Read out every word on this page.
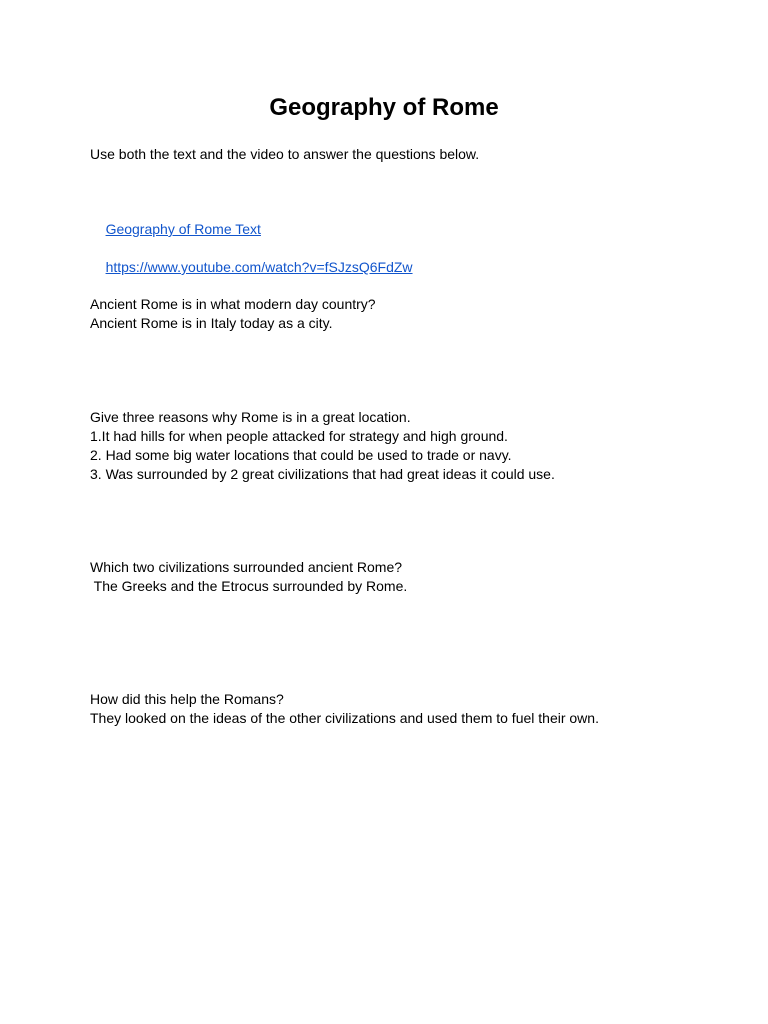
Geography of Rome

Use both the text and the video to answer the questions below.

Geography of Rome Text

https://www.youtube.com/watch?v=fSJzsQ6FdZw

Ancient Rome is in what modern day country?

Ancient Rome is in Italy today as a city.

Give three reasons why Rome is in a great location.

1.It had hills for when people attacked for strategy and high ground.

2. Had some big water locations that could be used to trade or navy.

3. Was surrounded by 2 great civilizations that had great ideas it could use.

Which two civilizations surrounded ancient Rome?

The Greeks and the Etrocus surrounded by Rome.

How did this help the Romans?

They looked on the ideas of the other civilizations and used them to fuel their own.
